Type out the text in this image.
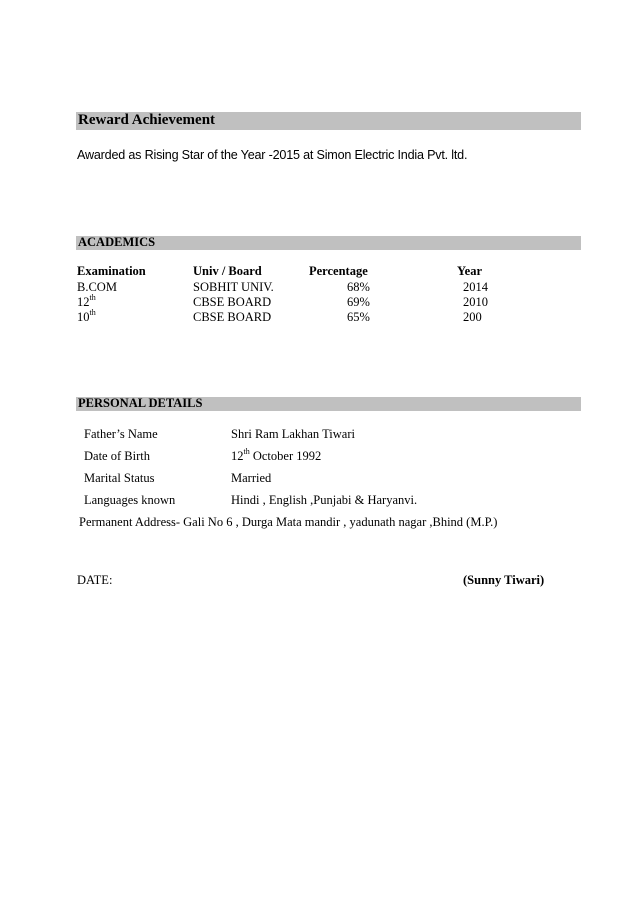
Reward Achievement
Awarded as Rising Star of the Year -2015 at Simon Electric India Pvt. ltd.
ACADEMICS
Examination	Univ / Board	Percentage	Year
B.COM	SOBHIT UNIV.	68%	2014
12th	CBSE BOARD	69%	2010
10th	CBSE BOARD	65%	200
PERSONAL DETAILS
Father’s Name	Shri Ram Lakhan Tiwari
Date of Birth	12th October 1992
Marital Status	Married
Languages known	Hindi , English ,Punjabi & Haryanvi.
Permanent Address- Gali No 6 , Durga Mata mandir , yadunath nagar ,Bhind (M.P.)
DATE:	(Sunny Tiwari)
